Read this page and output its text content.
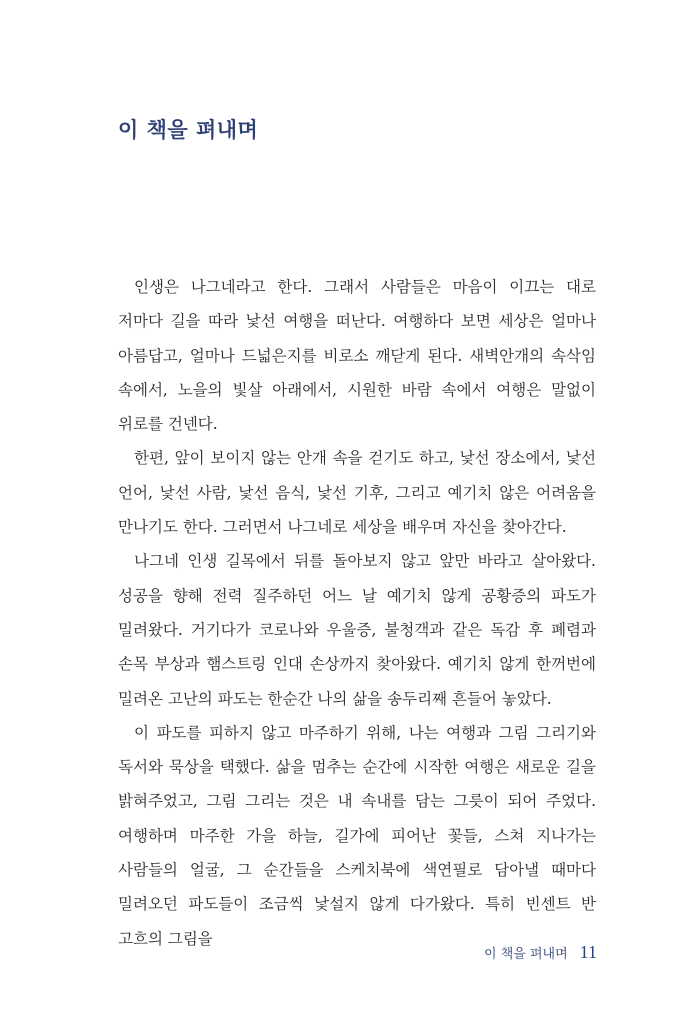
이 책을 펴내며

인생은 나그네라고 한다. 그래서 사람들은 마음이 이끄는 대로 저마다 길을 따라 낯선 여행을 떠난다. 여행하다 보면 세상은 얼마나 아름답고, 얼마나 드넓은지를 비로소 깨닫게 된다. 새벽안개의 속삭임 속에서, 노을의 빛살 아래에서, 시원한 바람 속에서 여행은 말없이 위로를 건넨다.

한편, 앞이 보이지 않는 안개 속을 걷기도 하고, 낯선 장소에서, 낯선 언어, 낯선 사람, 낯선 음식, 낯선 기후, 그리고 예기치 않은 어려움을 만나기도 한다. 그러면서 나그네로 세상을 배우며 자신을 찾아간다.

나그네 인생 길목에서 뒤를 돌아보지 않고 앞만 바라고 살아왔다. 성공을 향해 전력 질주하던 어느 날 예기치 않게 공황증의 파도가 밀려왔다. 거기다가 코로나와 우울증, 불청객과 같은 독감 후 폐렴과 손목 부상과 햄스트링 인대 손상까지 찾아왔다. 예기치 않게 한꺼번에 밀려온 고난의 파도는 한순간 나의 삶을 송두리째 흔들어 놓았다.

이 파도를 피하지 않고 마주하기 위해, 나는 여행과 그림 그리기와 독서와 묵상을 택했다. 삶을 멈추는 순간에 시작한 여행은 새로운 길을 밝혀주었고, 그림 그리는 것은 내 속내를 담는 그릇이 되어 주었다. 여행하며 마주한 가을 하늘, 길가에 피어난 꽃들, 스쳐 지나가는 사람들의 얼굴, 그 순간들을 스케치북에 색연필로 담아낼 때마다 밀려오던 파도들이 조금씩 낯설지 않게 다가왔다. 특히 빈센트 반 고흐의 그림을

이 책을 펴내며 11
